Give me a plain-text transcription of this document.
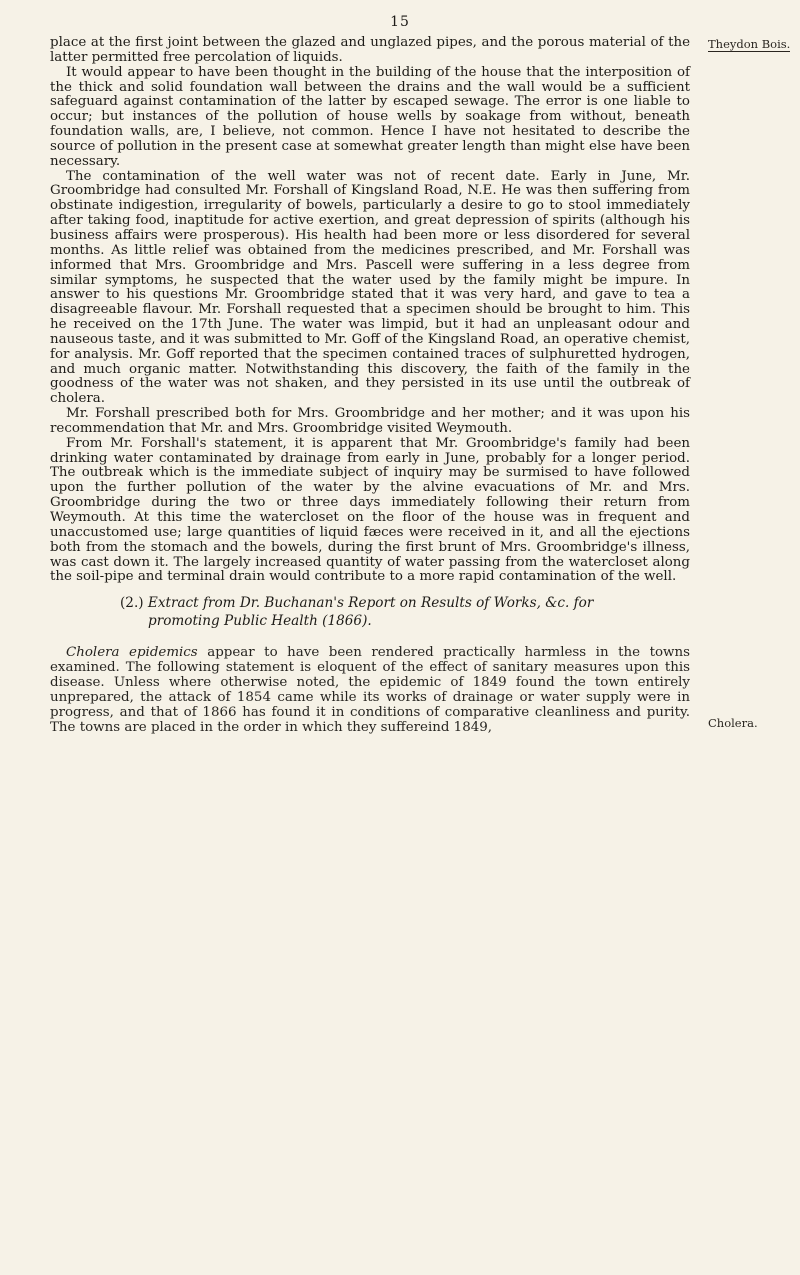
15
Theydon Bois.

place at the first joint between the glazed and unglazed pipes, and the porous material of the latter permitted free percolation of liquids.

It would appear to have been thought in the building of the house that the interposition of the thick and solid foundation wall between the drains and the wall would be a sufficient safeguard against contamination of the latter by escaped sewage. The error is one liable to occur; but instances of the pollution of house wells by soakage from without, beneath foundation walls, are, I believe, not common. Hence I have not hesitated to describe the source of pollution in the present case at somewhat greater length than might else have been necessary.

The contamination of the well water was not of recent date. Early in June, Mr. Groombridge had consulted Mr. Forshall of Kingsland Road, N.E. He was then suffering from obstinate indigestion, irregularity of bowels, particularly a desire to go to stool immediately after taking food, inaptitude for active exertion, and great depression of spirits (although his business affairs were prosperous). His health had been more or less disordered for several months. As little relief was obtained from the medicines prescribed, and Mr. Forshall was informed that Mrs. Groombridge and Mrs. Pascell were suffering in a less degree from similar symptoms, he suspected that the water used by the family might be impure. In answer to his questions Mr. Groombridge stated that it was very hard, and gave to tea a disagreeable flavour. Mr. Forshall requested that a specimen should be brought to him. This he received on the 17th June. The water was limpid, but it had an unpleasant odour and nauseous taste, and it was submitted to Mr. Goff of the Kingsland Road, an operative chemist, for analysis. Mr. Goff reported that the specimen contained traces of sulphuretted hydrogen, and much organic matter. Notwithstanding this discovery, the faith of the family in the goodness of the water was not shaken, and they persisted in its use until the outbreak of cholera.

Mr. Forshall prescribed both for Mrs. Groombridge and her mother; and it was upon his recommendation that Mr. and Mrs. Groombridge visited Weymouth.

From Mr. Forshall's statement, it is apparent that Mr. Groombridge's family had been drinking water contaminated by drainage from early in June, probably for a longer period. The outbreak which is the immediate subject of inquiry may be surmised to have followed upon the further pollution of the water by the alvine evacuations of Mr. and Mrs. Groombridge during the two or three days immediately following their return from Weymouth. At this time the watercloset on the floor of the house was in frequent and unaccustomed use; large quantities of liquid fæces were received in it, and all the ejections both from the stomach and the bowels, during the first brunt of Mrs. Groombridge's illness, was cast down it. The largely increased quantity of water passing from the watercloset along the soil-pipe and terminal drain would contribute to a more rapid contamination of the well.

(2.) Extract from Dr. Buchanan's Report on Results of Works, &c. for
promoting Public Health (1866).
Cholera.
Cholera epidemics appear to have been rendered practically harmless in the towns examined. The following statement is eloquent of the effect of sanitary measures upon this disease. Unless where otherwise noted, the epidemic of 1849 found the town entirely unprepared, the attack of 1854 came while its works of drainage or water supply were in progress, and that of 1866 has found it in conditions of comparative cleanliness and purity. The towns are placed in the order in which they suffereind 1849,
